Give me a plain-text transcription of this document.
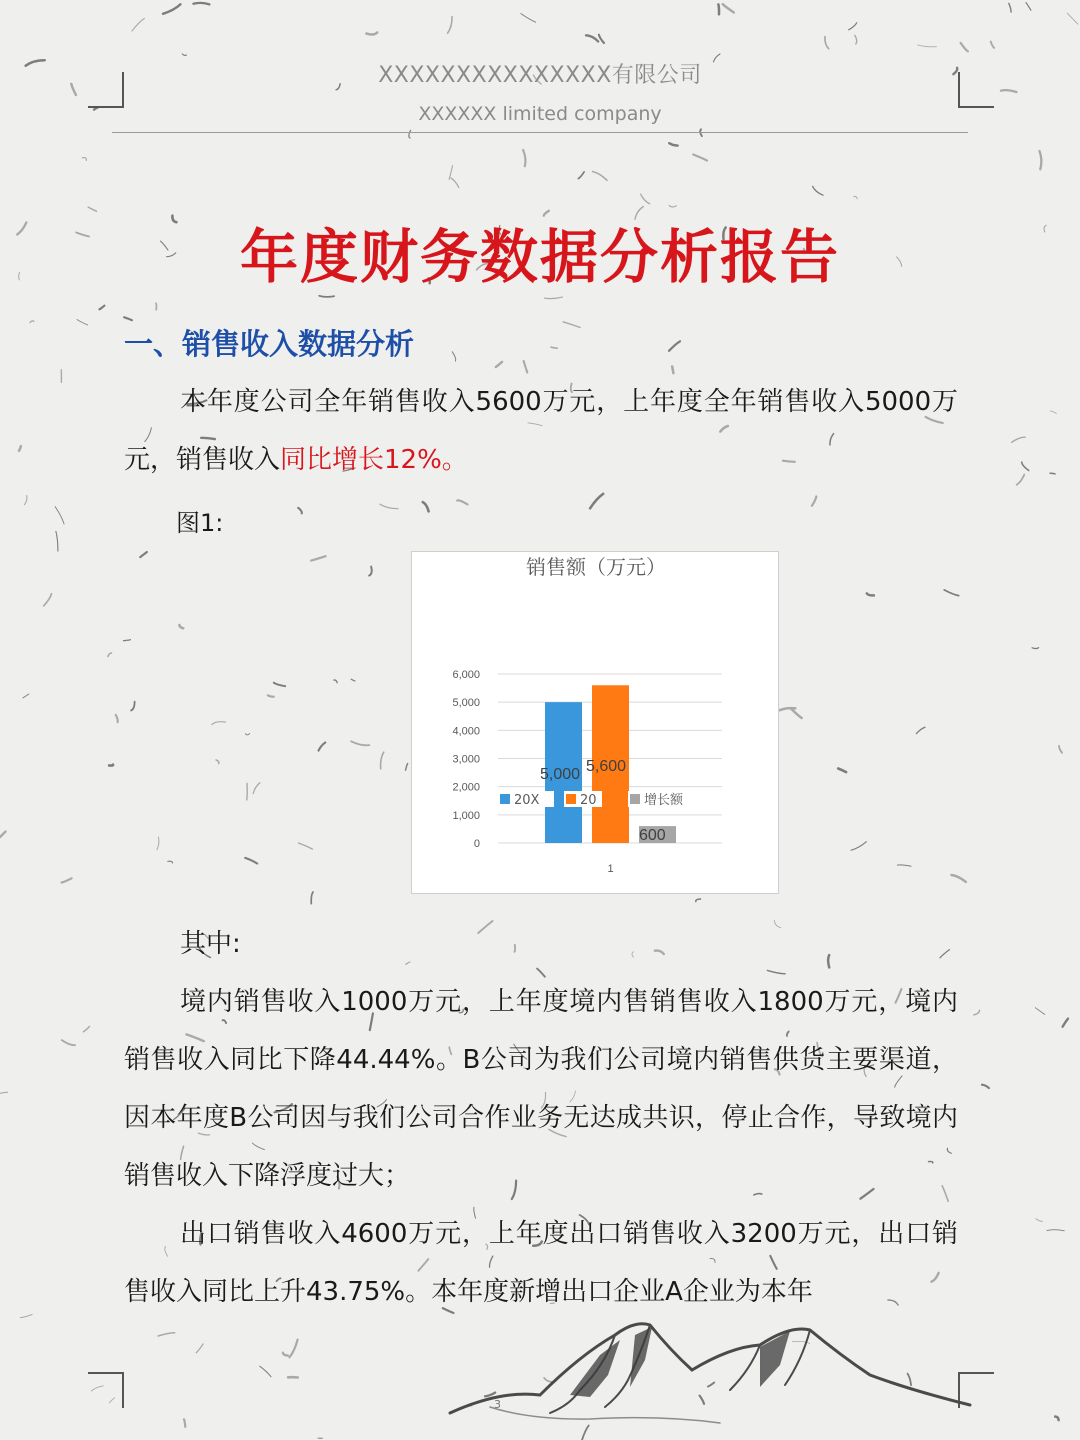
XXXXXXXXXXXXXXX有限公司
XXXXXX limited company
年度财务数据分析报告
一、销售收入数据分析
本年度公司全年销售收入5600万元，上年度全年销售收入5000万元，销售收入同比增长12%。
图1:
销售额（万元）
0
1,000
2,000
3,000
4,000
5,000
6,000
1
20X	20	增长额
5,000 5,600
600
其中:
境内销售收入1000万元，上年度境内售销售收入1800万元，境内销售收入同比下降44.44%。B公司为我们公司境内销售供货主要渠道，因本年度B公司因与我们公司合作业务无达成共识，停止合作，导致境内销售收入下降浮度过大；
出口销售收入4600万元，上年度出口销售收入3200万元，出口销售收入同比上升43.75%。本年度新增出口企业A企业为本年
3
